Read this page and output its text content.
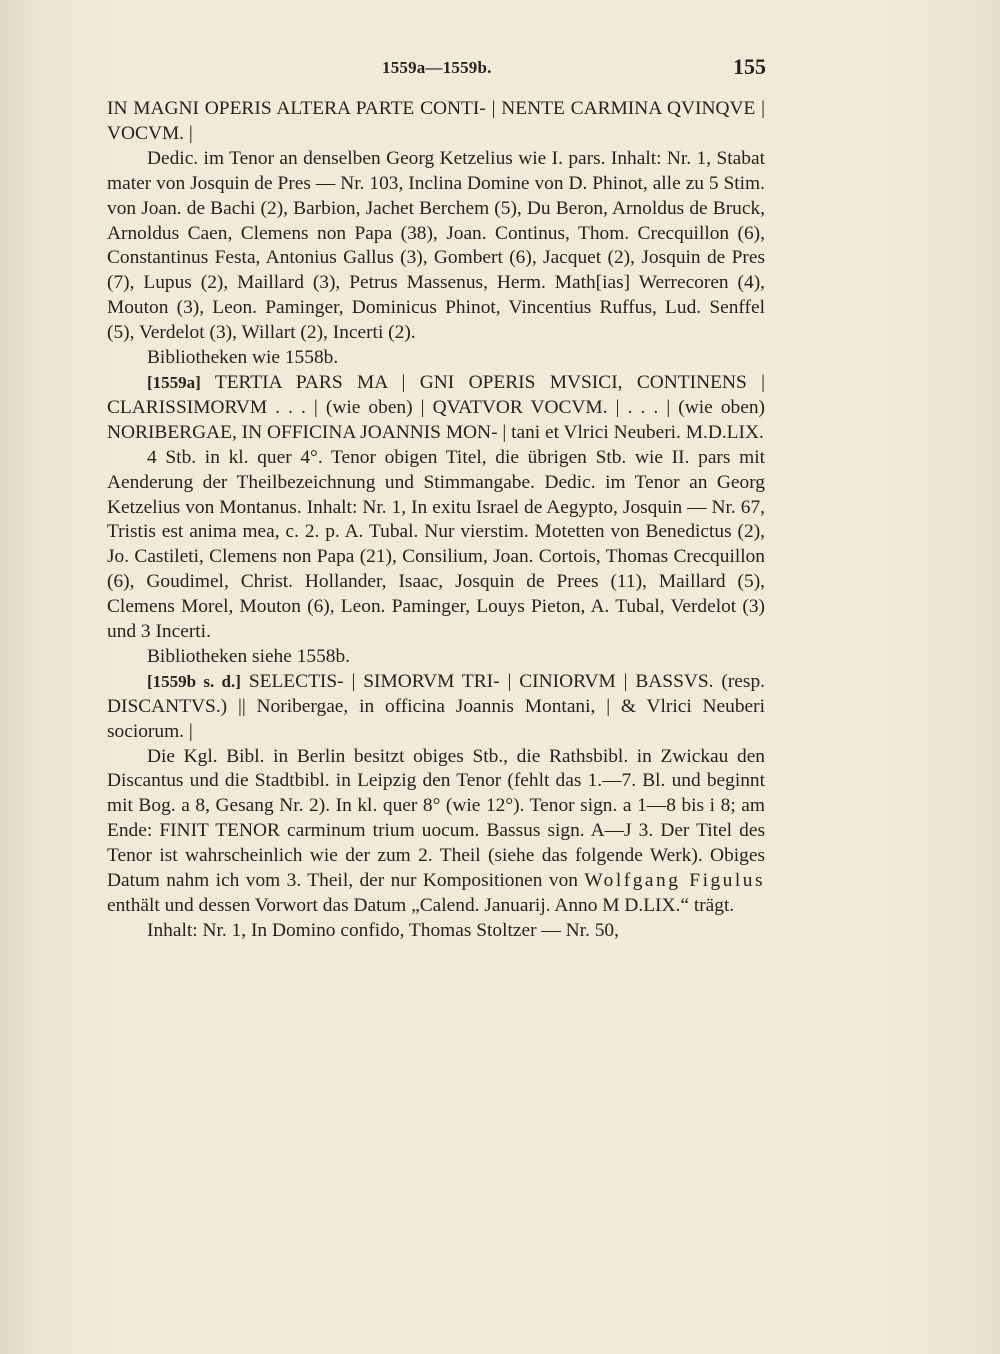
1559a—1559b.	155

IN MAGNI OPERIS ALTERA PARTE CONTI- | NENTE CARMINA QVINQVE | VOCVM. |

Dedic. im Tenor an denselben Georg Ketzelius wie I. pars. Inhalt: Nr. 1, Stabat mater von Josquin de Pres — Nr. 103, Inclina Domine von D. Phinot, alle zu 5 Stim. von Joan. de Bachi (2), Barbion, Jachet Berchem (5), Du Beron, Arnoldus de Bruck, Arnoldus Caen, Clemens non Papa (38), Joan. Continus, Thom. Crecquillon (6), Constantinus Festa, Antonius Gallus (3), Gombert (6), Jacquet (2), Josquin de Pres (7), Lupus (2), Maillard (3), Petrus Massenus, Herm. Math[ias] Werrecoren (4), Mouton (3), Leon. Paminger, Dominicus Phinot, Vincentius Ruffus, Lud. Senffel (5), Verdelot (3), Willart (2), Incerti (2).

Bibliotheken wie 1558b.

[1559a] TERTIA PARS MA | GNI OPERIS MVSICI, CONTINENS | CLARISSIMORVM . . . | (wie oben) | QVATVOR VOCVM. | . . . | (wie oben) NORIBERGAE, IN OFFICINA JOANNIS MON- | tani et Vlrici Neuberi. M.D.LIX.

4 Stb. in kl. quer 4°. Tenor obigen Titel, die übrigen Stb. wie II. pars mit Aenderung der Theilbezeichnung und Stimmangabe. Dedic. im Tenor an Georg Ketzelius von Montanus. Inhalt: Nr. 1, In exitu Israel de Aegypto, Josquin — Nr. 67, Tristis est anima mea, c. 2. p. A. Tubal. Nur vierstim. Motetten von Benedictus (2), Jo. Castileti, Clemens non Papa (21), Consilium, Joan. Cortois, Thomas Crecquillon (6), Goudimel, Christ. Hollander, Isaac, Josquin de Prees (11), Maillard (5), Clemens Morel, Mouton (6), Leon. Paminger, Louys Pieton, A. Tubal, Verdelot (3) und 3 Incerti.

Bibliotheken siehe 1558b.

[1559b s. d.] SELECTIS- | SIMORVM TRI- | CINIORVM | BASSVS. (resp. DISCANTVS.) || Noribergae, in officina Joannis Montani, | & Vlrici Neuberi sociorum. |

Die Kgl. Bibl. in Berlin besitzt obiges Stb., die Rathsbibl. in Zwickau den Discantus und die Stadtbibl. in Leipzig den Tenor (fehlt das 1.—7. Bl. und beginnt mit Bog. a 8, Gesang Nr. 2). In kl. quer 8° (wie 12°). Tenor sign. a 1—8 bis i 8; am Ende: FINIT TENOR carminum trium uocum. Bassus sign. A—J 3. Der Titel des Tenor ist wahrscheinlich wie der zum 2. Theil (siehe das folgende Werk). Obiges Datum nahm ich vom 3. Theil, der nur Kompositionen von Wolfgang Figulus enthält und dessen Vorwort das Datum „Calend. Januarij. Anno M D.LIX.“ trägt.

Inhalt: Nr. 1, In Domino confido, Thomas Stoltzer — Nr. 50,
